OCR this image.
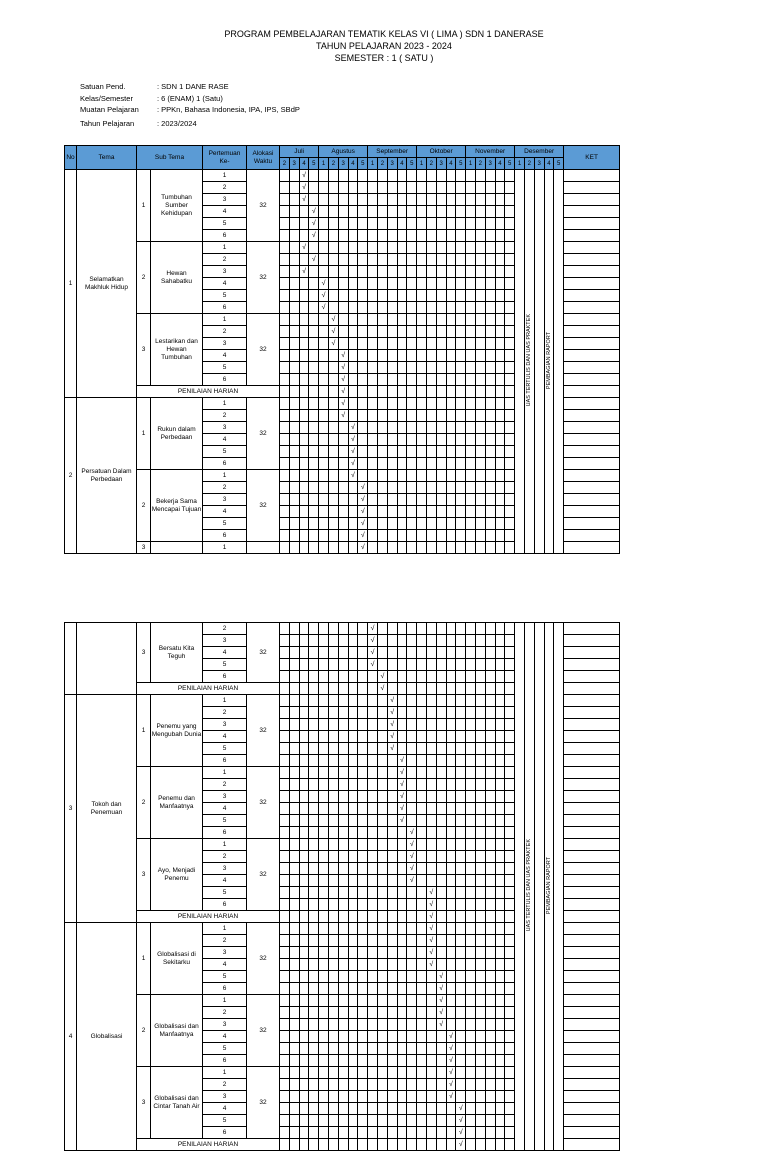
PROGRAM PEMBELAJARAN TEMATIK KELAS VI ( LIMA ) SDN 1 DANERASE
TAHUN PELAJARAN 2023 - 2024
SEMESTER : 1 ( SATU )
Satuan Pend.	: SDN 1 DANE RASE
Kelas/Semester	: 6 (ENAM) 1 (Satu)
Muatan Pelajaran : PPKn, Bahasa Indonesia, IPA, IPS, SBdP
Tahun Pelajaran	: 2023/2024
No	Tema	Sub Tema		Pertemuan Ke-	Alokasi Waktu	Juli				Agustus					September					Oktober					November					Desember					KET
						2	3	4	5	1	2	3	4	5	1	2	3	4	5	1	2	3	4	5	1	2	3	4	5	1	2	3	4	5	
1	Selamatkan Makhluk Hidup	1	Tumbuhan Sumber Kehidupan	1	32			√																							UAS TERTULIS DAN UAS PRAKTEK		PEMBAGIAN RAPORT		
				2				√																											
				3				√																											
				4					√																										
				5					√																										
				6					√																										
		2	Hewan Sahabatku	1	32			√																											
				2					√																										
				3				√																											
				4						√																									
				5						√																									
				6						√																									
		3	Lestarikan dan Hewan Tumbuhan	1	32						√																								
				2							√																								
				3							√																								
				4								√																							
				5								√																							
				6								√																							
		PENILAIAN HARIAN										√																							
2	Persatuan Dalam Perbedaan	1	Rukun dalam Perbedaan	1	32							√																							
				2								√																							
				3									√																						
				4									√																						
				5									√																						
				6									√																						
		2	Bekerja Sama Mencapai Tujuan	1	32								√																						
				2										√																					
				3										√																					
				4										√																					
				5										√																					
				6										√																					
		3		1										√																					
		3	Bersatu Kita Teguh	2	32										√																UAS TERTULIS DAN UAS PRAKTEK		PEMBAGIAN RAPORT		
				3											√																				
				4											√																				
				5											√																				
				6												√																			
		PENILAIAN HARIAN														√																			
3	Tokoh dan Penemuan	1	Penemu yang Mengubah Dunia	1	32												√																		
				2													√																		
				3													√																		
				4													√																		
				5													√																		
				6														√																	
		2	Penemu dan Manfaatnya	1	32													√																	
				2														√																	
				3														√																	
				4														√																	
				5														√																	
				6															√																
		3	Ayo, Menjadi Penemu	1	32														√																
				2															√																
				3															√																
				4															√																
				5																	√														
				6																	√														
		PENILAIAN HARIAN																			√														
4	Globalisasi	1	Globalisasi di Sekitarku	1	32																√														
				2																	√														
				3																	√														
				4																	√														
				5																		√													
				6																		√													
		2	Globalisasi dan Manfaatnya	1	32																	√													
				2																		√													
				3																		√													
				4																			√												
				5																			√												
				6																			√												
		3	Globalisasi dan Cintar Tanah Air	1	32																		√												
				2																			√												
				3																			√												
				4																				√											
				5																				√											
				6																				√											
		PENILAIAN HARIAN																						√											
